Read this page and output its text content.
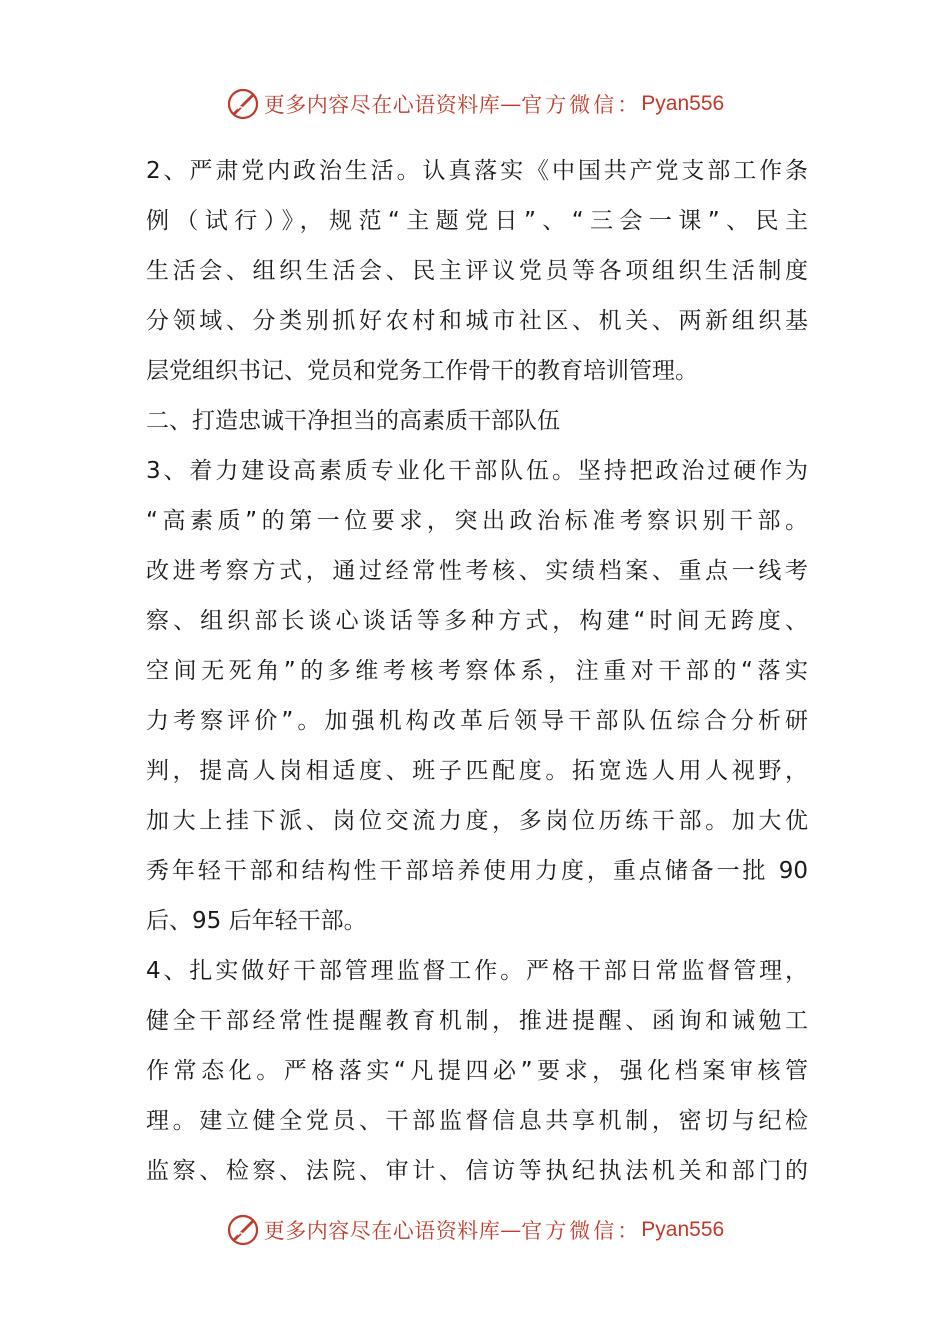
更多内容尽在心语资料库 — 官方微信： Pyan556
2、严肃党内政治生活。认真落实《中国共产党支部工作条
例（试行）》，规范“主题党日”、“三会一课”、民主
生活会、组织生活会、民主评议党员等各项组织生活制度
分领域、分类别抓好农村和城市社区、机关、两新组织基
层党组织书记、党员和党务工作骨干的教育培训管理。
二、打造忠诚干净担当的高素质干部队伍
3、着力建设高素质专业化干部队伍。坚持把政治过硬作为
“高素质”的第一位要求，突出政治标准考察识别干部。
改进考察方式，通过经常性考核、实绩档案、重点一线考
察、组织部长谈心谈话等多种方式，构建“时间无跨度、
空间无死角”的多维考核考察体系，注重对干部的“落实
力考察评价”。加强机构改革后领导干部队伍综合分析研
判，提高人岗相适度、班子匹配度。拓宽选人用人视野，
加大上挂下派、岗位交流力度，多岗位历练干部。加大优
秀年轻干部和结构性干部培养使用力度，重点储备一批 90
后、95 后年轻干部。
4、扎实做好干部管理监督工作。严格干部日常监督管理，
健全干部经常性提醒教育机制，推进提醒、函询和诫勉工
作常态化。严格落实“凡提四必”要求，强化档案审核管
理。建立健全党员、干部监督信息共享机制，密切与纪检
监察、检察、法院、审计、信访等执纪执法机关和部门的
更多内容尽在心语资料库 — 官方微信： Pyan556
